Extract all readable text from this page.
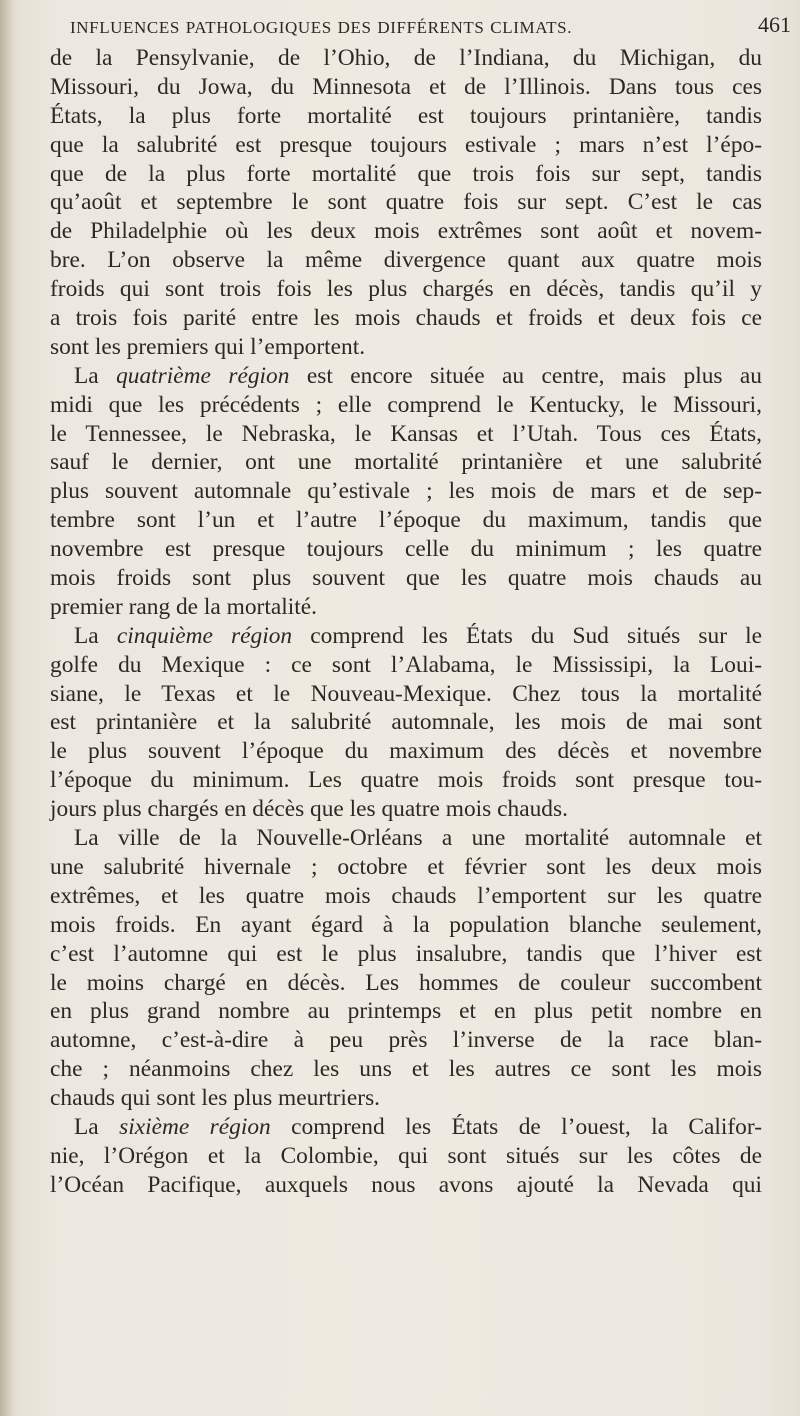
INFLUENCES PATHOLOGIQUES DES DIFFÉRENTS CLIMATS.	461
de la Pensylvanie, de l’Ohio, de l’Indiana, du Michigan, du
Missouri, du Jowa, du Minnesota et de l’Illinois. Dans tous ces
États, la plus forte mortalité est toujours printanière, tandis
que la salubrité est presque toujours estivale ; mars n’est l’épo-
que de la plus forte mortalité que trois fois sur sept, tandis
qu’août et septembre le sont quatre fois sur sept. C’est le cas
de Philadelphie où les deux mois extrêmes sont août et novem-
bre. L’on observe la même divergence quant aux quatre mois
froids qui sont trois fois les plus chargés en décès, tandis qu’il y
a trois fois parité entre les mois chauds et froids et deux fois ce
sont les premiers qui l’emportent.
La quatrième région est encore située au centre, mais plus au
midi que les précédents ; elle comprend le Kentucky, le Missouri,
le Tennessee, le Nebraska, le Kansas et l’Utah. Tous ces États,
sauf le dernier, ont une mortalité printanière et une salubrité
plus souvent automnale qu’estivale ; les mois de mars et de sep-
tembre sont l’un et l’autre l’époque du maximum, tandis que
novembre est presque toujours celle du minimum ; les quatre
mois froids sont plus souvent que les quatre mois chauds au
premier rang de la mortalité.
La cinquième région comprend les États du Sud situés sur le
golfe du Mexique : ce sont l’Alabama, le Mississipi, la Loui-
siane, le Texas et le Nouveau-Mexique. Chez tous la mortalité
est printanière et la salubrité automnale, les mois de mai sont
le plus souvent l’époque du maximum des décès et novembre
l’époque du minimum. Les quatre mois froids sont presque tou-
jours plus chargés en décès que les quatre mois chauds.
La ville de la Nouvelle-Orléans a une mortalité automnale et
une salubrité hivernale ; octobre et février sont les deux mois
extrêmes, et les quatre mois chauds l’emportent sur les quatre
mois froids. En ayant égard à la population blanche seulement,
c’est l’automne qui est le plus insalubre, tandis que l’hiver est
le moins chargé en décès. Les hommes de couleur succombent
en plus grand nombre au printemps et en plus petit nombre en
automne, c’est-à-dire à peu près l’inverse de la race blan-
che ; néanmoins chez les uns et les autres ce sont les mois
chauds qui sont les plus meurtriers.
La sixième région comprend les États de l’ouest, la Califor-
nie, l’Orégon et la Colombie, qui sont situés sur les côtes de
l’Océan Pacifique, auxquels nous avons ajouté la Nevada qui
